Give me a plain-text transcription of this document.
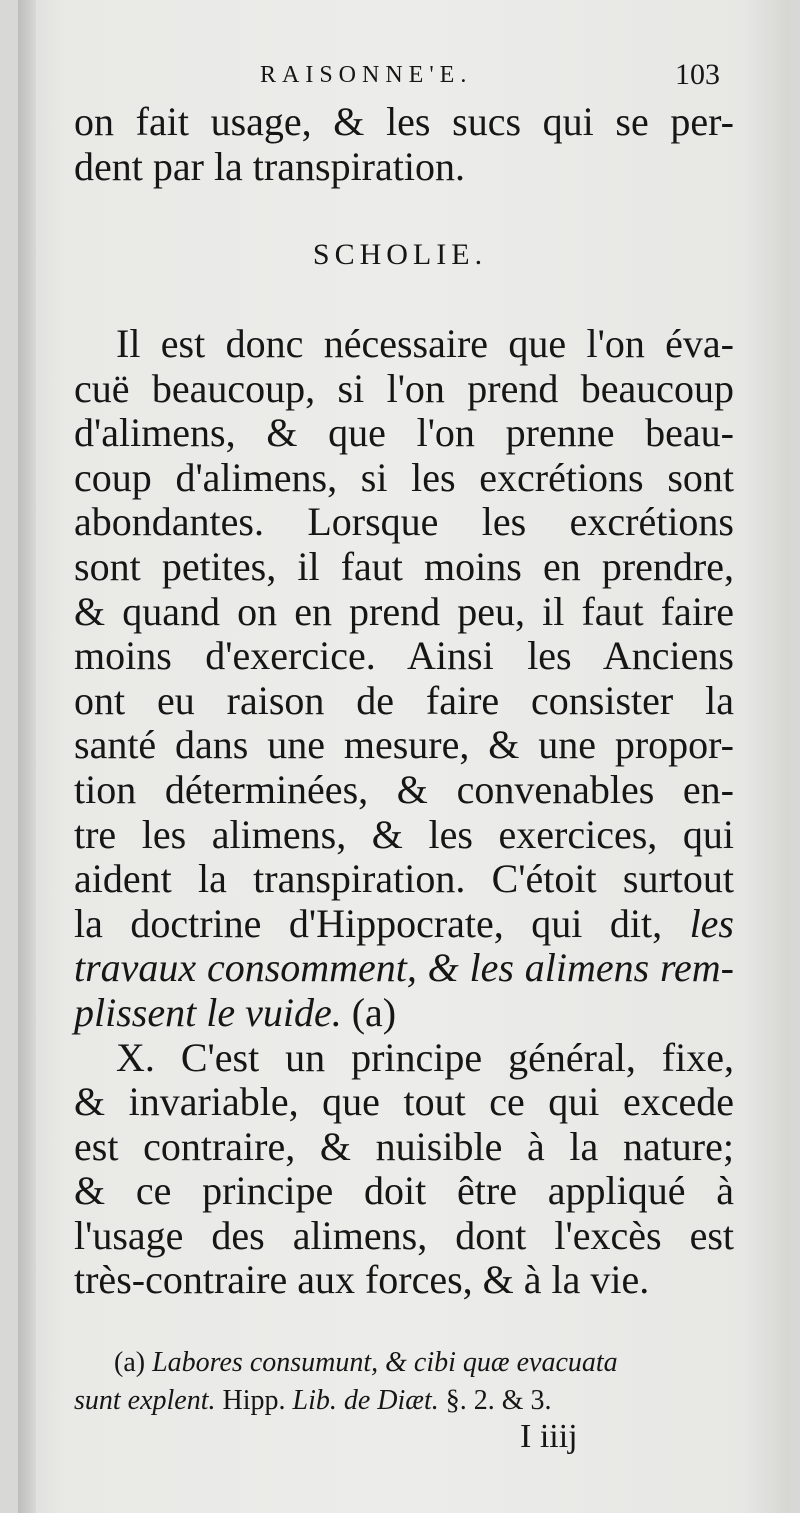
RAISONNE'E.	103
on fait usage, & les sucs qui se per-
dent par la transpiration.
SCHOLIE.
Il est donc nécessaire que l'on éva-
cuë beaucoup, si l'on prend beaucoup
d'alimens, & que l'on prenne beau-
coup d'alimens, si les excrétions sont
abondantes. Lorsque les excrétions
sont petites, il faut moins en prendre,
& quand on en prend peu, il faut faire
moins d'exercice. Ainsi les Anciens
ont eu raison de faire consister la
santé dans une mesure, & une propor-
tion déterminées, & convenables en-
tre les alimens, & les exercices, qui
aident la transpiration. C'étoit surtout
la doctrine d'Hippocrate, qui dit, les
travaux consomment, & les alimens rem-
plissent le vuide. (a)
X. C'est un principe général, fixe,
& invariable, que tout ce qui excede
est contraire, & nuisible à la nature;
& ce principe doit être appliqué à
l'usage des alimens, dont l'excès est
très-contraire aux forces, & à la vie.
(a) Labores consumunt, & cibi quæ evacuata
sunt explent. Hipp. Lib. de Diæt. §. 2. & 3.
I iiij
